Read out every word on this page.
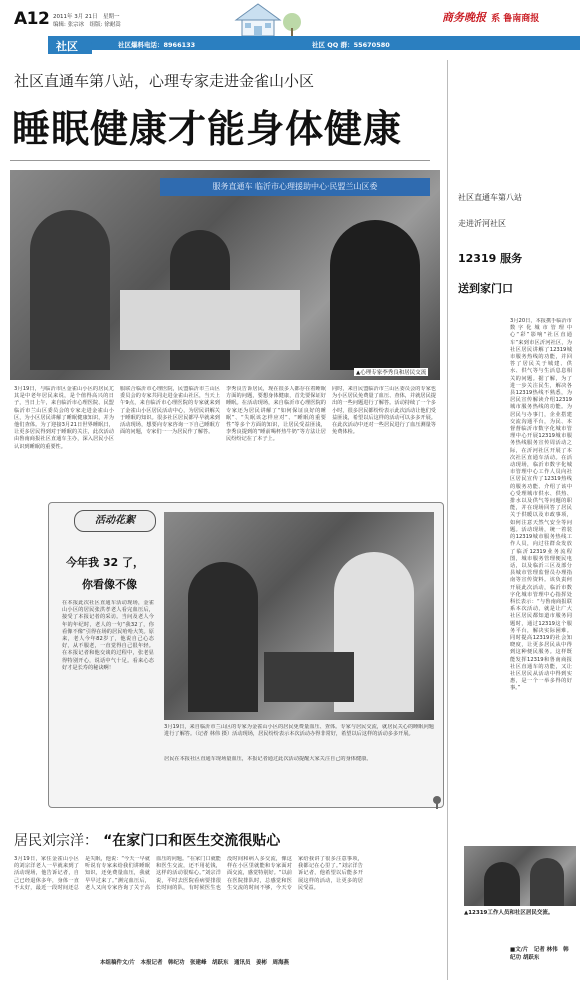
A12 2011年 3月 21日　星期一
编辑: 张宗冰　组版: 徐耐嵩
商务晚报 系 鲁南商报
社区	社区爆料电话：8966133	社区 QQ 群：55670580
社区直通车第八站，心理专家走进金雀山小区
睡眠健康才能身体健康
服务直通车 临沂市心理援助中心·民盟兰山区委
▲心理专家李秀良和居民交流
3月19日，与临沂市区金雀山小区的居民尤其是中老年居民来说，是个值得高兴的日子，当日上午，来自临沂市心理医院、民盟临沂市兰山区委员会的专家走进金雀山小区，为小区居民讲解了睡眠健康知识，并为他们查体。为了迎接3月21日世界睡眠日，让更多居民得到对于睡眠的关注，此次活动由鲁南商报社区直通车主办，深入居民小区认识到睡眠的重要性。
服联合临沂市心理医院，民盟临沂市兰山区委员会的专家共同走进金雀山社区，当天上午9点，来自临沂市心理医院的专家就来到了金雀山小区居民活动中心，为居民讲解关于睡眠的知识。很多社区居民都早早就来到活动现场，想要向专家咨询一下自己睡眠方面的问题，专家们一一为居民作了解答。
李秀良告诉居民，现在很多人都存在着睡眠方面的问题，要想身体健康，首先要保证好睡眠。在活动现场，来自临沂市心理医院的专家还为居民讲解了“如何保证良好的睡眠”、“失眠该怎样应对”、“睡眠的重要性”等多个方面的知识，让居民受益匪浅，李秀良提到的“睡前喝杯热牛奶”等方法让居民纷纷记在了本子上。
同时，来自民盟临沂市兰山区委员会的专家也为小区居民免费量了血压、查体，并就居民提出的一些问题进行了解答。活动持续了一个多小时，很多居民都纷纷表示此次活动让他们受益匪浅，希望以后这样的活动可以多多开展。在此次活动中还对一些居民进行了血压测量等免费体检。
活动花絮
今年我 32 了，
你看像不像
在本报此次社区直通车活动现场，金雀山小区的居民张洪孝老人看完血压后，接受了本报记者的采访。当问及老人今年的年纪时，老人的一句“我32了，你看像不像”引得在场的居民哈哈大笑。原来，老人今年82岁了，他说自己心态好，从不服老，一直觉得自己很年轻。在本报记者和他交谈的过程中，张老显得特别开心，说话中气十足。看来心态好才是长寿的秘诀啊！
3月19日，来自临沂市兰山区的专家为金雀山小区的居民免费量血压、查体。专家与居民交流，就居民关心的睡眠问题进行了解答。（记者 林伟 摄）活动现场，居民纷纷表示本次活动办得非常好，希望以后这样的活动多多开展。
居民在本报社区直通车现场量血压，本报记者通过此次活动提醒大家关注自己的身体健康。
居民刘宗洋： “在家门口和医生交流很贴心
3月19日，家住金雀山小区的刘宗洋老人一早就来到了活动现场，他告诉记者，自己已经退休多年，身体一直不太好，最近一段时间还总是失眠，他说：“今天一早就听说有专家来给我们讲睡眠知识，还免费量血压，我就早早过来了。”测完血压后，老人又向专家咨询了关于高血压的问题。“在家门口就能和医生交流，还不用花钱，这样的活动很贴心。”刘宗洋说，平时去医院看病要排很长时间的队，有时候医生也没时间和病人多交流，像这样在小区里就能和专家面对面交流，感觉特别好。“以前在医院排队时，总感觉和医生交流的时间不够，今天专家给我讲了很多注意事项，我都记在心里了。”刘宗洋告诉记者，他希望以后能多开展这样的活动，让更多的居民受益。
本组稿件文/片　本报记者　韩纪功　张建峰　胡跃东　通讯员　姜彬　周海燕
社区直通车第八站
走进沂河社区
12319 服务
送到家门口
3月20日，本报携手临沂市数字化城市管理中心“彩”影响“社区直通车”来到市区沂河社区，为社区居民讲解了12319城市服务热线的功能，并回答了居民关于城建、供水、供气等与生活息息相关的问题。据了解，为了进一步关注民生，解决各县12319热线不熟悉，为居民宣传解读介绍12319城市服务热线的功能。为居民与办事门，企业搭建交流沟通平台，为民、本督督临沂市数字化城市管理中心开展12319城市服务热线服务宣传周活动之际，在沂河社区开展了本次社区直通车活动。在活动现场，临沂市数字化城市管理中心工作人员向社区居民宣传了12319热线的服务功能、介绍了该中心受理城市供水、供热、排水以及供气等问题的职能，并在现场回答了居民关于供暖以及市政事项，如何注意天然气安全等问题。活动现场，统一着装的12319城市服务热线工作人员，向过往群众发放了临沂12319业务流程图，城市服务管理便民电话，以及临沂三区及部分县城市管理监督员办理指南等宣传资料。该负责何开展此次活动，临沂市数字化城市管理中心指挥处科长表示：“与鲁南商报联系本次活动，就是让广大社区居民都知道市服务同题时，通过12319这个服务平台，解决实际困难。同时提高12319的社会知晓度，让更多居民从中得到这种便民服务。这样既能发挥12319和鲁南商报社区直通车的功能，又让社区居民从活动中得到实惠，是一个一举多得的好事。”
▲12319工作人员和社区居民交流。
■文/片　记者 林伟　韩纪功 胡跃东
